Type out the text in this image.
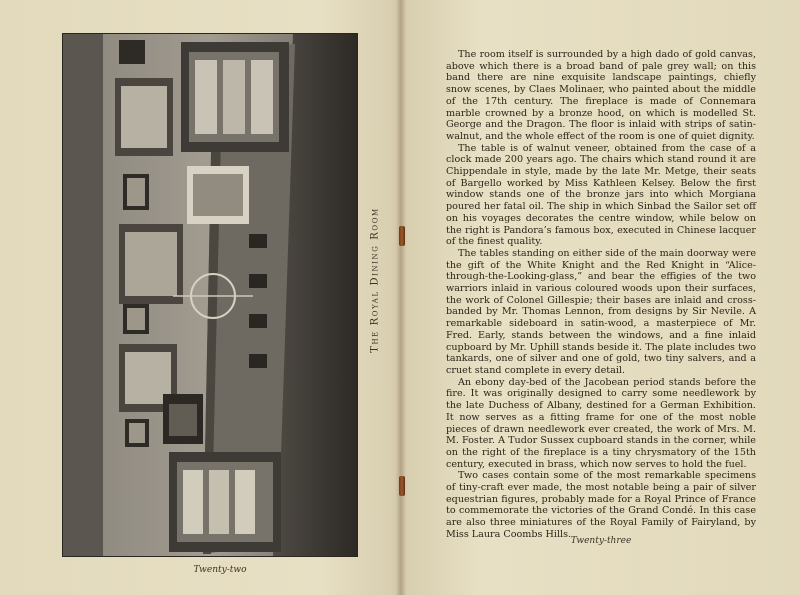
The Royal Dining Room
Twenty-two

The room itself is surrounded by a high dado of gold canvas, above which there is a broad band of pale grey wall; on this band there are nine exquisite landscape paintings, chiefly snow scenes, by Claes Molinaer, who painted about the middle of the 17th century. The fireplace is made of Connemara marble crowned by a bronze hood, on which is modelled St. George and the Dragon. The floor is inlaid with strips of satin-walnut, and the whole effect of the room is one of quiet dignity.

The table is of walnut veneer, obtained from the case of a clock made 200 years ago. The chairs which stand round it are Chippendale in style, made by the late Mr. Metge, their seats of Bargello worked by Miss Kathleen Kelsey. Below the first window stands one of the bronze jars into which Morgiana poured her fatal oil. The ship in which Sinbad the Sailor set off on his voyages decorates the centre window, while below on the right is Pandora’s famous box, executed in Chinese lacquer of the finest quality.

The tables standing on either side of the main doorway were the gift of the White Knight and the Red Knight in “Alice-through-the-Looking-glass,” and bear the effigies of the two warriors inlaid in various coloured woods upon their surfaces, the work of Colonel Gillespie; their bases are inlaid and cross-banded by Mr. Thomas Lennon, from designs by Sir Nevile. A remarkable sideboard in satin-wood, a masterpiece of Mr. Fred. Early, stands between the windows, and a fine inlaid cupboard by Mr. Uphill stands beside it. The plate includes two tankards, one of silver and one of gold, two tiny salvers, and a cruet stand complete in every detail.

An ebony day-bed of the Jacobean period stands before the fire. It was originally designed to carry some needlework by the late Duchess of Albany, destined for a German Exhibition. It now serves as a fitting frame for one of the most noble pieces of drawn needlework ever created, the work of Mrs. M. M. Foster. A Tudor Sussex cupboard stands in the corner, while on the right of the fireplace is a tiny chrysmatory of the 15th century, executed in brass, which now serves to hold the fuel.

Two cases contain some of the most remarkable specimens of tiny-craft ever made, the most notable being a pair of silver equestrian figures, probably made for a Royal Prince of France to commemorate the victories of the Grand Condé. In this case are also three miniatures of the Royal Family of Fairyland, by Miss Laura Coombs Hills.

Twenty-three
